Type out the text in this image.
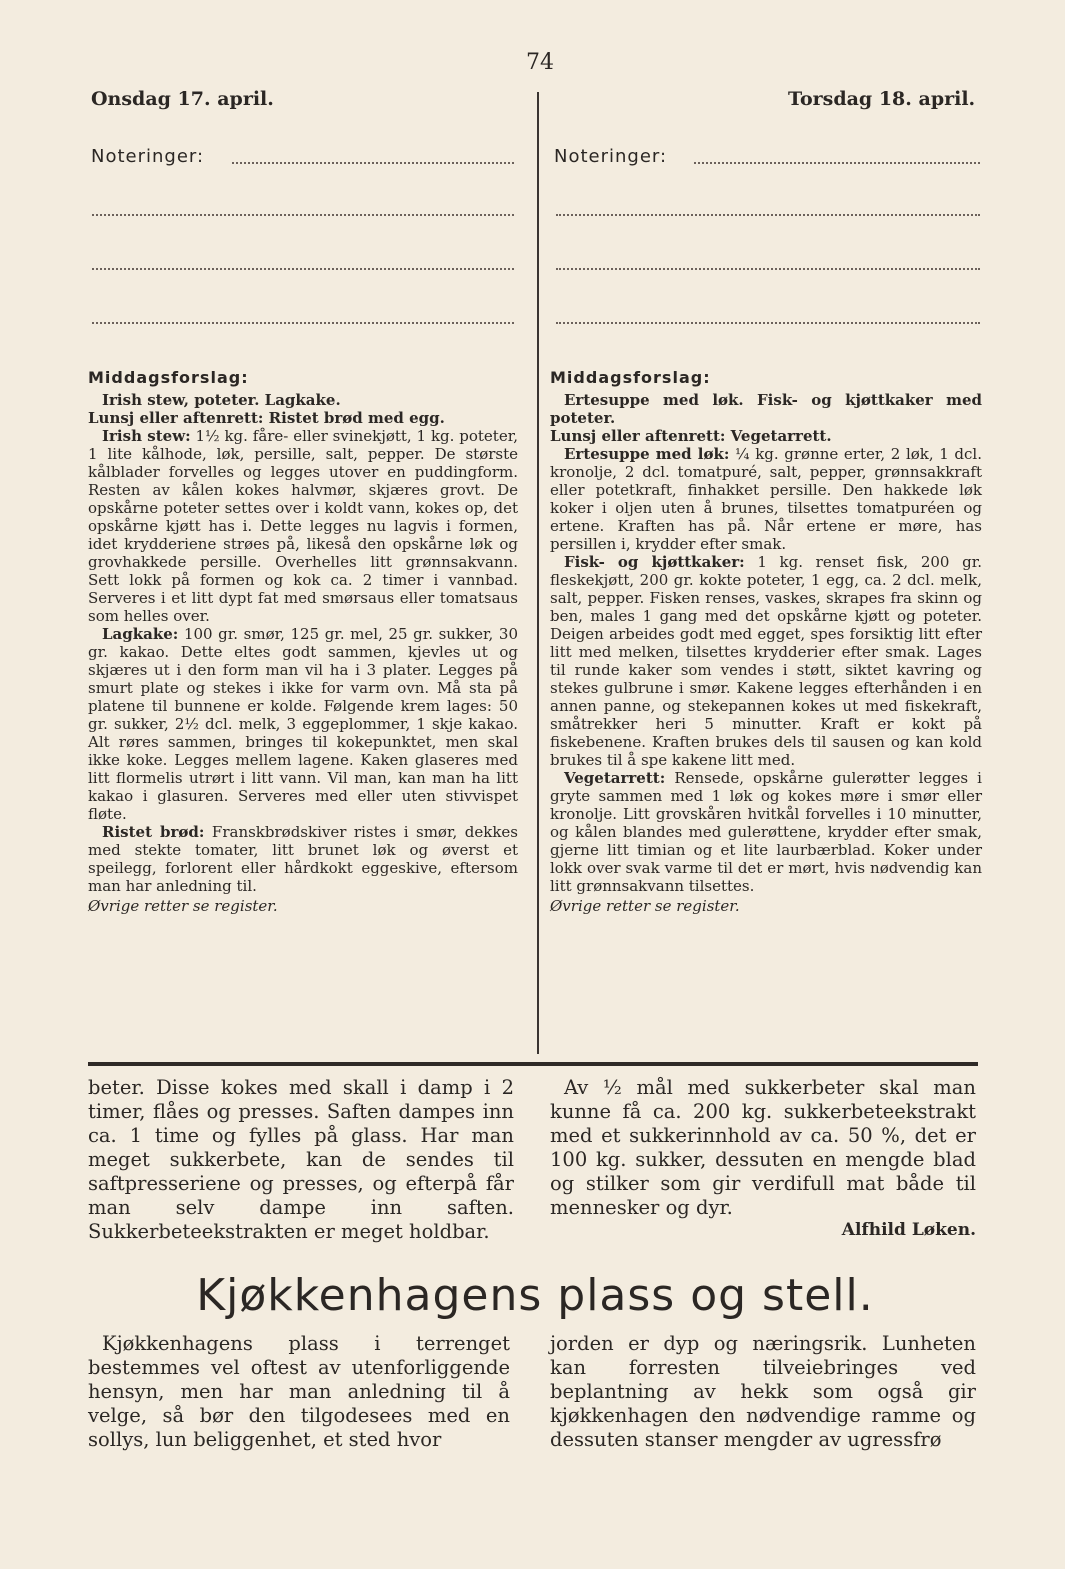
74
Onsdag 17. april.	Torsdag 18. april.
Noteringer:	Noteringer:
Middagsforslag:

Irish stew, poteter. Lagkake.

Lunsj eller aftenrett: Ristet brød med egg.

Irish stew: 1½ kg. fåre- eller svinekjøtt, 1 kg. poteter, 1 lite kålhode, løk, persille, salt, pepper. De største kålblader forvelles og legges utover en puddingform. Resten av kålen kokes halvmør, skjæres grovt. De opskårne poteter settes over i koldt vann, kokes op, det opskårne kjøtt has i. Dette legges nu lagvis i formen, idet krydderiene strøes på, likeså den opskårne løk og grovhakkede persille. Overhelles litt grønnsakvann. Sett lokk på formen og kok ca. 2 timer i vannbad. Serveres i et litt dypt fat med smørsaus eller tomatsaus som helles over.

Lagkake: 100 gr. smør, 125 gr. mel, 25 gr. sukker, 30 gr. kakao. Dette eltes godt sammen, kjevles ut og skjæres ut i den form man vil ha i 3 plater. Legges på smurt plate og stekes i ikke for varm ovn. Må sta på platene til bunnene er kolde. Følgende krem lages: 50 gr. sukker, 2½ dcl. melk, 3 eggeplommer, 1 skje kakao. Alt røres sammen, bringes til kokepunktet, men skal ikke koke. Legges mellem lagene. Kaken glaseres med litt flormelis utrørt i litt vann. Vil man, kan man ha litt kakao i glasuren. Serveres med eller uten stivvispet fløte.

Ristet brød: Franskbrødskiver ristes i smør, dekkes med stekte tomater, litt brunet løk og øverst et speilegg, forlorent eller hårdkokt eggeskive, eftersom man har anledning til.

Øvrige retter se register.

Middagsforslag:

Ertesuppe med løk. Fisk- og kjøttkaker med poteter.

Lunsj eller aftenrett: Vegetarrett.

Ertesuppe med løk: ¼ kg. grønne erter, 2 løk, 1 dcl. kronolje, 2 dcl. tomatpuré, salt, pepper, grønnsakkraft eller potetkraft, finhakket persille. Den hakkede løk koker i oljen uten å brunes, tilsettes tomatpuréen og ertene. Kraften has på. Når ertene er møre, has persillen i, krydder efter smak.

Fisk- og kjøttkaker: 1 kg. renset fisk, 200 gr. fleskekjøtt, 200 gr. kokte poteter, 1 egg, ca. 2 dcl. melk, salt, pepper. Fisken renses, vaskes, skrapes fra skinn og ben, males 1 gang med det opskårne kjøtt og poteter. Deigen arbeides godt med egget, spes forsiktig litt efter litt med melken, tilsettes krydderier efter smak. Lages til runde kaker som vendes i støtt, siktet kavring og stekes gulbrune i smør. Kakene legges efterhånden i en annen panne, og stekepannen kokes ut med fiskekraft, småtrekker heri 5 minutter. Kraft er kokt på fiskebenene. Kraften brukes dels til sausen og kan kold brukes til å spe kakene litt med.

Vegetarrett: Rensede, opskårne gulerøtter legges i gryte sammen med 1 løk og kokes møre i smør eller kronolje. Litt grovskåren hvitkål forvelles i 10 minutter, og kålen blandes med gulerøttene, krydder efter smak, gjerne litt timian og et lite laurbærblad. Koker under lokk over svak varme til det er mørt, hvis nødvendig kan litt grønnsakvann tilsettes.

Øvrige retter se register.

beter. Disse kokes med skall i damp i 2 timer, flåes og presses. Saften dampes inn ca. 1 time og fylles på glass. Har man meget sukkerbete, kan de sendes til saftpresseriene og presses, og efterpå får man selv dampe inn saften. Sukkerbeteekstrakten er meget holdbar.
Av ½ mål med sukkerbeter skal man kunne få ca. 200 kg. sukkerbeteekstrakt med et sukkerinnhold av ca. 50 %, det er 100 kg. sukker, dessuten en mengde blad og stilker som gir verdifull mat både til mennesker og dyr.
Alfhild Løken.
Kjøkkenhagens plass og stell.
Kjøkkenhagens plass i terrenget bestemmes vel oftest av utenforliggende hensyn, men har man anledning til å velge, så bør den tilgodesees med en sollys, lun beliggenhet, et sted hvor
jorden er dyp og næringsrik. Lunheten kan forresten tilveiebringes ved beplantning av hekk som også gir kjøkkenhagen den nødvendige ramme og dessuten stanser mengder av ugressfrø
